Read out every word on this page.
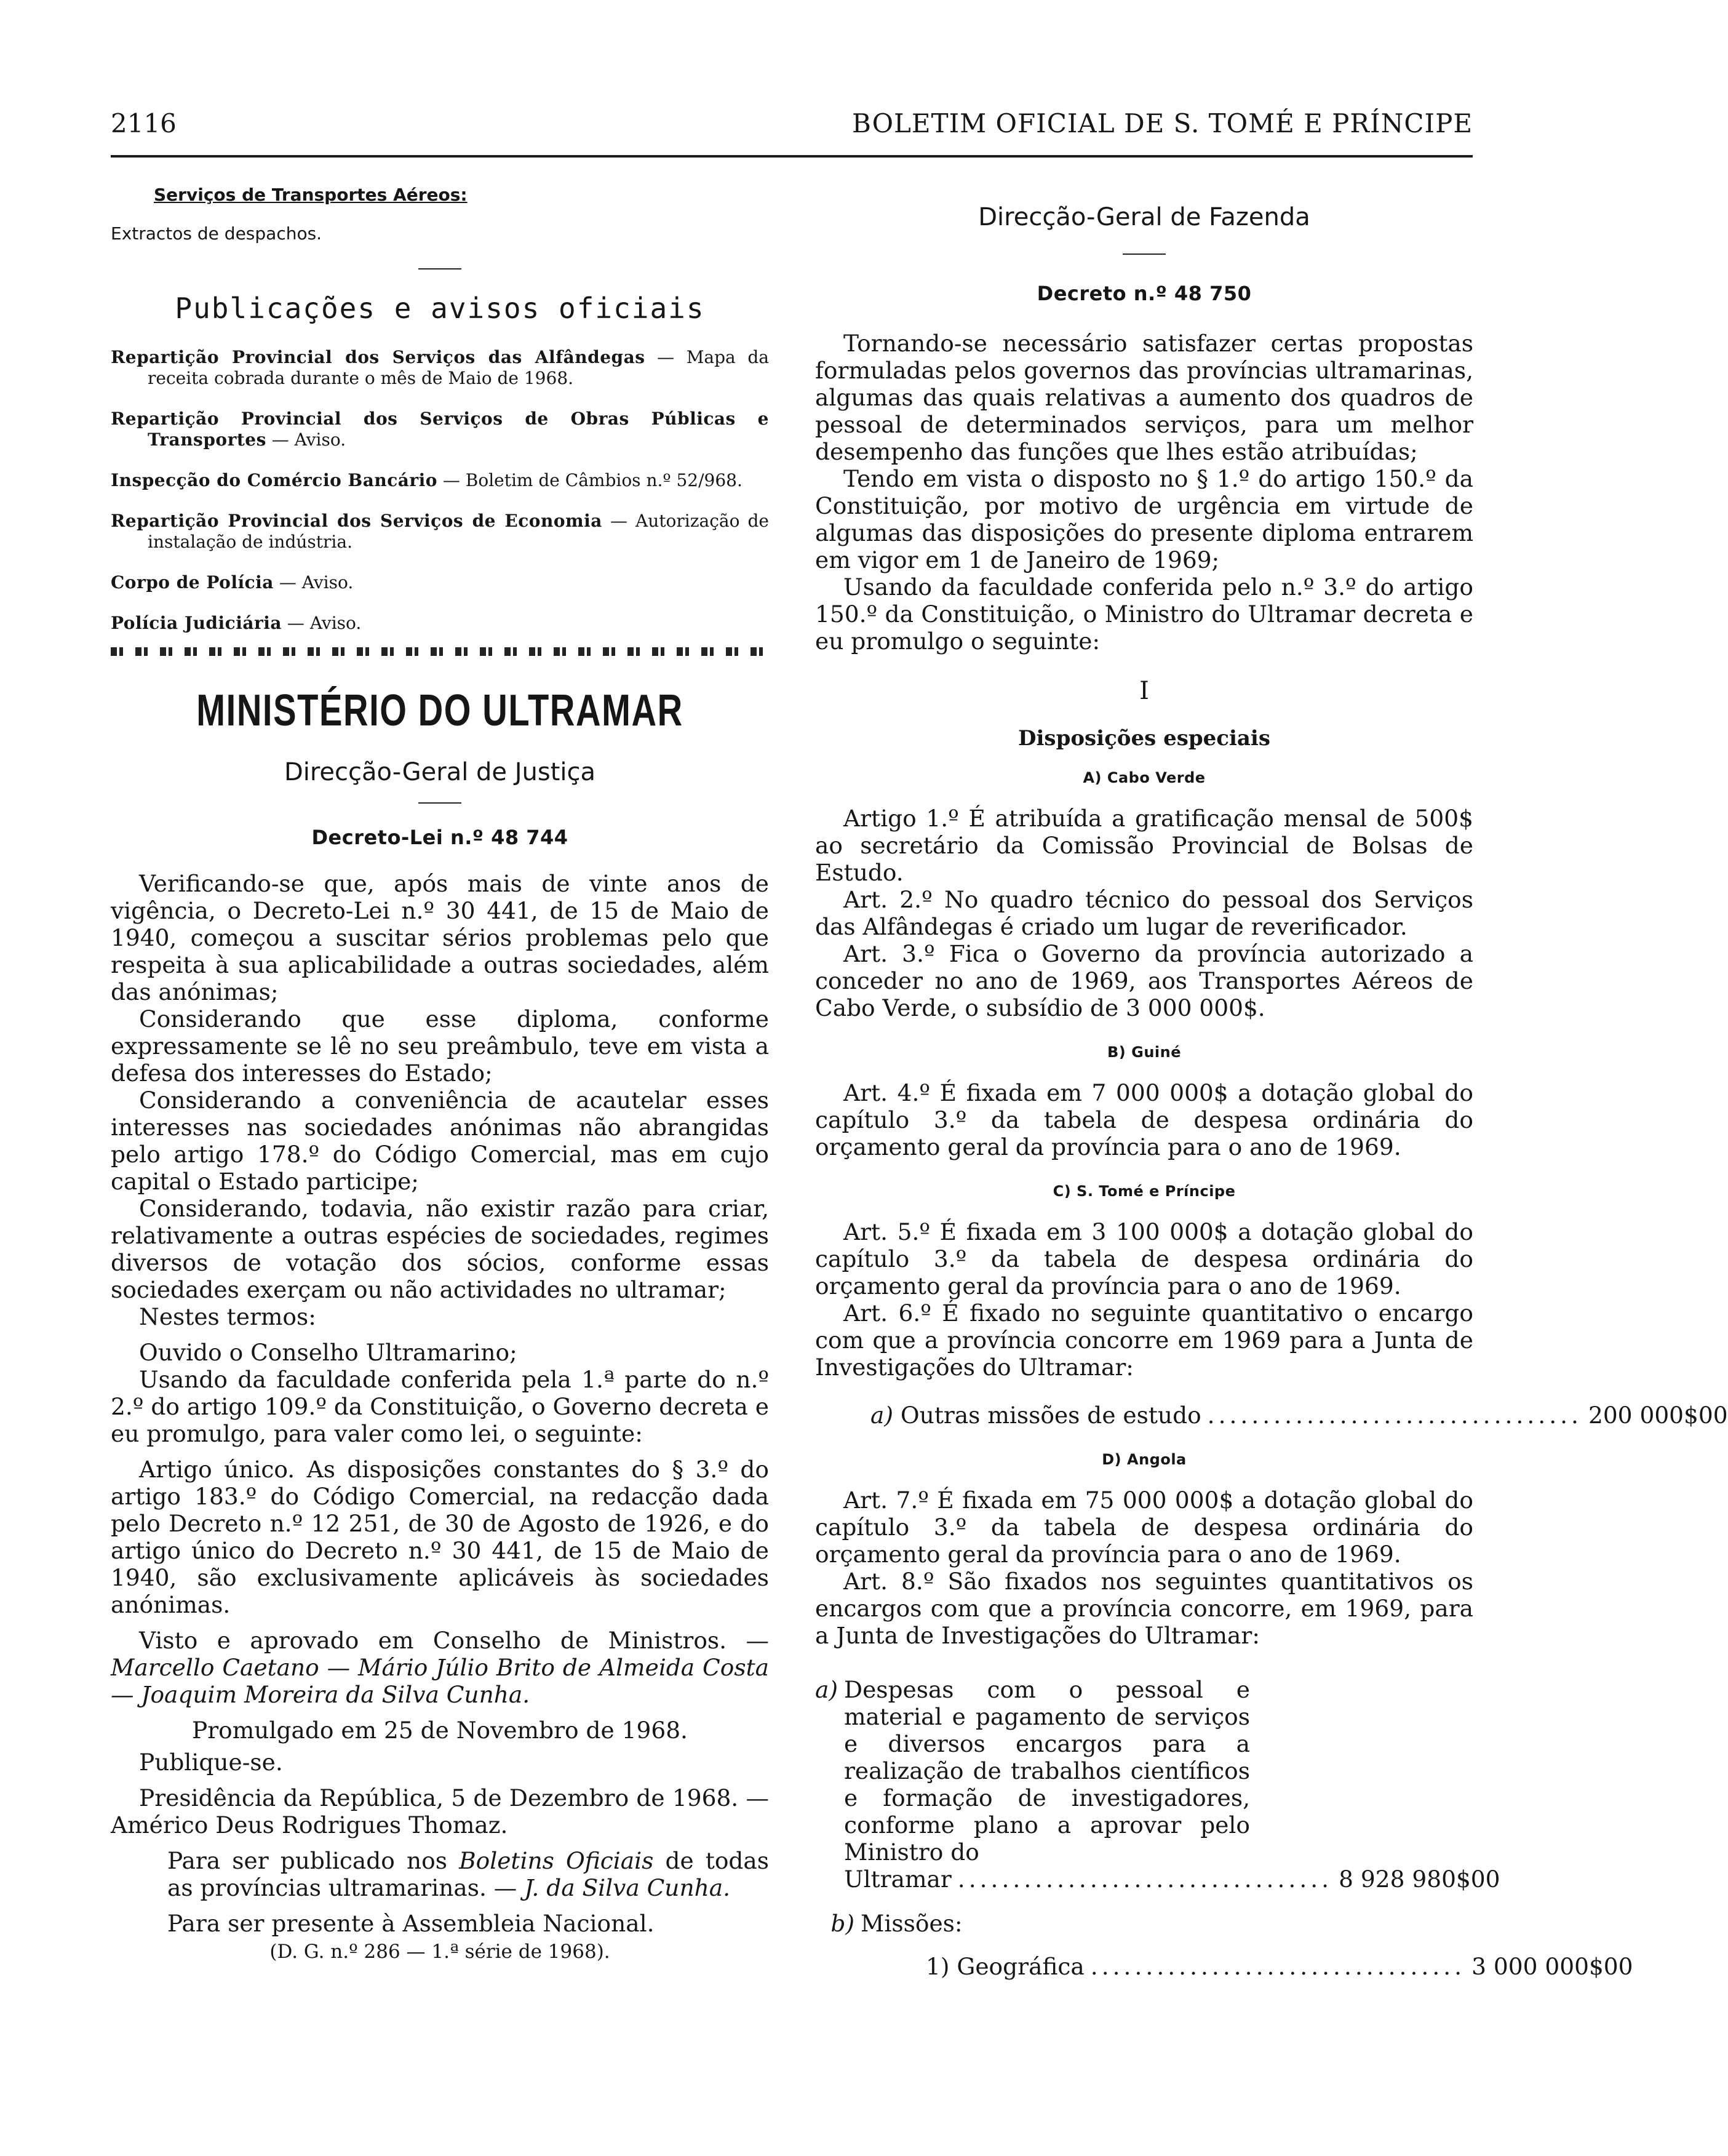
2116	BOLETIM OFICIAL DE S. TOMÉ E PRÍNCIPE
Serviços de Transportes Aéreos:
Extractos de despachos.
Publicações e avisos oficiais
Repartição Provincial dos Serviços das Alfândegas — Mapa da receita cobrada durante o mês de Maio de 1968.
Repartição Provincial dos Serviços de Obras Públicas e Transportes — Aviso.
Inspecção do Comércio Bancário — Boletim de Câmbios n.º 52/968.
Repartição Provincial dos Serviços de Economia — Autorização de instalação de indústria.
Corpo de Polícia — Aviso.
Polícia Judiciária — Aviso.
MINISTÉRIO DO ULTRAMAR
Direcção-Geral de Justiça
Decreto-Lei n.º 48 744

Verificando-se que, após mais de vinte anos de vigência, o Decreto-Lei n.º 30 441, de 15 de Maio de 1940, começou a suscitar sérios problemas pelo que respeita à sua aplicabilidade a outras sociedades, além das anónimas;

Considerando que esse diploma, conforme expressamente se lê no seu preâmbulo, teve em vista a defesa dos interesses do Estado;

Considerando a conveniência de acautelar esses interesses nas sociedades anónimas não abrangidas pelo artigo 178.º do Código Comercial, mas em cujo capital o Estado participe;

Considerando, todavia, não existir razão para criar, relativamente a outras espécies de sociedades, regimes diversos de votação dos sócios, conforme essas sociedades exerçam ou não actividades no ultramar;

Nestes termos:

Ouvido o Conselho Ultramarino;

Usando da faculdade conferida pela 1.ª parte do n.º 2.º do artigo 109.º da Constituição, o Governo decreta e eu promulgo, para valer como lei, o seguinte:

Artigo único. As disposições constantes do § 3.º do artigo 183.º do Código Comercial, na redacção dada pelo Decreto n.º 12 251, de 30 de Agosto de 1926, e do artigo único do Decreto n.º 30 441, de 15 de Maio de 1940, são exclusivamente aplicáveis às sociedades anónimas.

Visto e aprovado em Conselho de Ministros. — Marcello Caetano — Mário Júlio Brito de Almeida Costa — Joaquim Moreira da Silva Cunha.

Promulgado em 25 de Novembro de 1968.

Publique-se.

Presidência da República, 5 de Dezembro de 1968. — Américo Deus Rodrigues Thomaz.

Para ser publicado nos Boletins Oficiais de todas as províncias ultramarinas. — J. da Silva Cunha.

Para ser presente à Assembleia Nacional.

(D. G. n.º 286 — 1.ª série de 1968).

Direcção-Geral de Fazenda
Decreto n.º 48 750

Tornando-se necessário satisfazer certas propostas formuladas pelos governos das províncias ultramarinas, algumas das quais relativas a aumento dos quadros de pessoal de determinados serviços, para um melhor desempenho das funções que lhes estão atribuídas;

Tendo em vista o disposto no § 1.º do artigo 150.º da Constituição, por motivo de urgência em virtude de algumas das disposições do presente diploma entrarem em vigor em 1 de Janeiro de 1969;

Usando da faculdade conferida pelo n.º 3.º do artigo 150.º da Constituição, o Ministro do Ultramar decreta e eu promulgo o seguinte:

I
Disposições especiais
A) Cabo Verde

Artigo 1.º É atribuída a gratificação mensal de 500$ ao secretário da Comissão Provincial de Bolsas de Estudo.

Art. 2.º No quadro técnico do pessoal dos Serviços das Alfândegas é criado um lugar de reverificador.

Art. 3.º Fica o Governo da província autorizado a conceder no ano de 1969, aos Transportes Aéreos de Cabo Verde, o subsídio de 3 000 000$.

B) Guiné

Art. 4.º É fixada em 7 000 000$ a dotação global do capítulo 3.º da tabela de despesa ordinária do orçamento geral da província para o ano de 1969.

C) S. Tomé e Príncipe

Art. 5.º É fixada em 3 100 000$ a dotação global do capítulo 3.º da tabela de despesa ordinária do orçamento geral da província para o ano de 1969.

Art. 6.º É fixado no seguinte quantitativo o encargo com que a província concorre em 1969 para a Junta de Investigações do Ultramar:

a) Outras missões de estudo .................................. 200 000$00
D) Angola

Art. 7.º É fixada em 75 000 000$ a dotação global do capítulo 3.º da tabela de despesa ordinária do orçamento geral da província para o ano de 1969.

Art. 8.º São fixados nos seguintes quantitativos os encargos com que a província concorre, em 1969, para a Junta de Investigações do Ultramar:

a) Despesas com o pessoal e material e pagamento de serviços e diversos encargos para a realização de trabalhos científicos e formação de investigadores, conforme plano a aprovar pelo Ministro do
Ultramar .................................. 8 928 980$00
b) Missões:
1) Geográfica .................................. 3 000 000$00
